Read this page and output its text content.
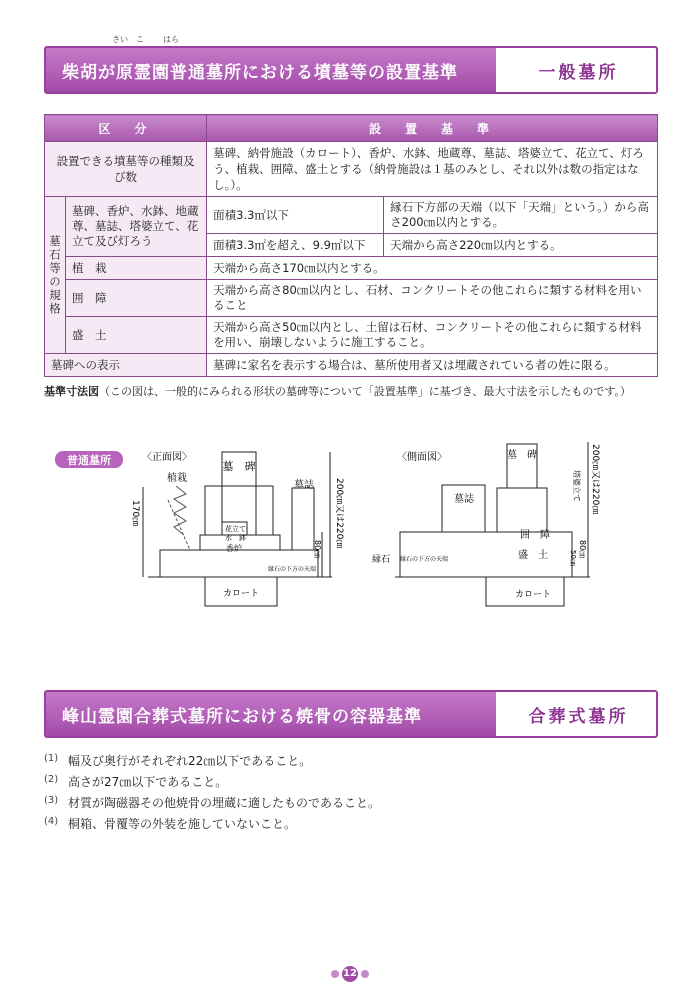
柴胡が原霊園普通墓所における墳墓等の設置基準
さい こ はら
一般墓所
区　分		設　置　基　準	
設置できる墳墓等の種類及び数		墓碑、納骨施設（カロート）、香炉、水鉢、地蔵尊、墓誌、塔婆立て、花立て、灯ろう、植栽、囲障、盛土とする（納骨施設は１基のみとし、それ以外は数の指定はなし。）。	
墓石等の規格	墓碑、香炉、水鉢、地蔵尊、墓誌、塔婆立て、花立て及び灯ろう	面積3.3㎡以下	縁石下方部の天端（以下「天端」という。）から高さ200㎝以内とする。
		面積3.3㎡を超え、9.9㎡以下	天端から高さ220㎝以内とする。
	植　栽	天端から高さ170㎝以内とする。	
	囲　障	天端から高さ80㎝以内とし、石材、コンクリートその他これらに類する材料を用いること	
	盛　土	天端から高さ50㎝以内とし、土留は石材、コンクリートその他これらに類する材料を用い、崩壊しないように施工すること。	
墓碑への表示		墓碑に家名を表示する場合は、墓所使用者又は埋蔵されている者の姓に限る。	
基準寸法図（この図は、一般的にみられる形状の墓碑等について「設置基準」に基づき、最大寸法を示したものです。）
普通墓所	〈正面図〉	〈側面図〉
墓　碑
植栽
墓誌
花立て
水　鉢
香炉
カロート
170㎝	200㎝又は220㎝
80㎝
縁石の下方の天端
墓　碑
墓誌
囲　障
盛　土
縁石 縁石の下方の天端
カロート
塔婆立て 200㎝又は220㎝
80㎝
50㎝
峰山霊園合葬式墓所における焼骨の容器基準	合葬式墓所
(1) 幅及び奥行がそれぞれ22㎝以下であること。
(2) 高さが27㎝以下であること。
(3) 材質が陶磁器その他焼骨の埋蔵に適したものであること。
(4) 桐箱、骨覆等の外装を施していないこと。
12
